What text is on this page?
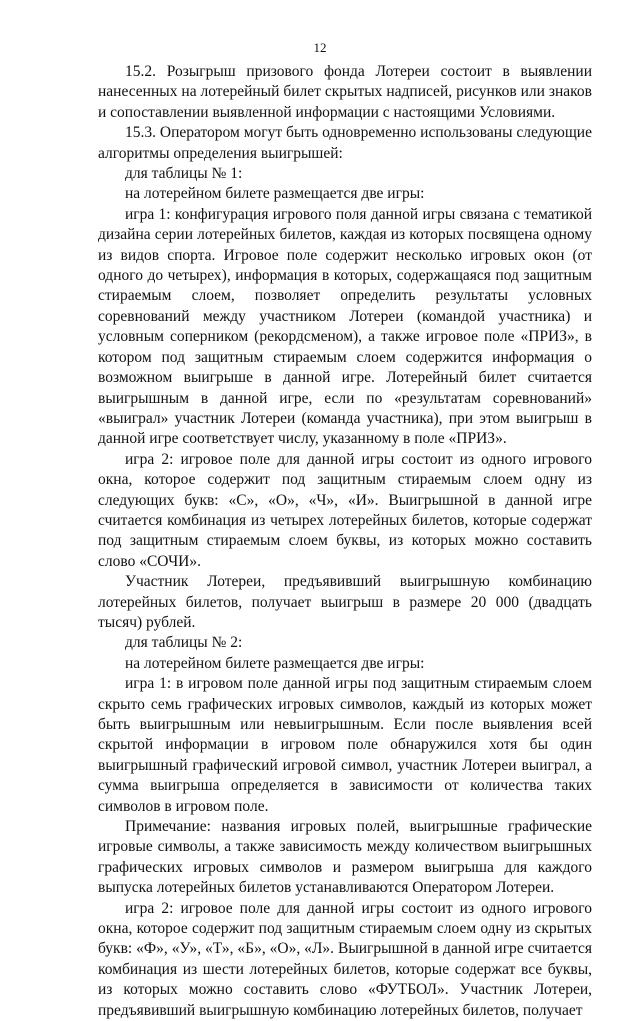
12

15.2. Розыгрыш призового фонда Лотереи состоит в выявлении нанесенных на лотерейный билет скрытых надписей, рисунков или знаков и сопоставлении выявленной информации с настоящими Условиями.

15.3. Оператором могут быть одновременно использованы следующие алгоритмы определения выигрышей:

для таблицы № 1:

на лотерейном билете размещается две игры:

игра 1: конфигурация игрового поля данной игры связана с тематикой дизайна серии лотерейных билетов, каждая из которых посвящена одному из видов спорта. Игровое поле содержит несколько игровых окон (от одного до четырех), информация в которых, содержащаяся под защитным стираемым слоем, позволяет определить результаты условных соревнований между участником Лотереи (командой участника) и условным соперником (рекордсменом), а также игровое поле «ПРИЗ», в котором под защитным стираемым слоем содержится информация о возможном выигрыше в данной игре. Лотерейный билет считается выигрышным в данной игре, если по «результатам соревнований» «выиграл» участник Лотереи (команда участника), при этом выигрыш в данной игре соответствует числу, указанному в поле «ПРИЗ».

игра 2: игровое поле для данной игры состоит из одного игрового окна, которое содержит под защитным стираемым слоем одну из следующих букв: «С», «О», «Ч», «И». Выигрышной в данной игре считается комбинация из четырех лотерейных билетов, которые содержат под защитным стираемым слоем буквы, из которых можно составить слово «СОЧИ».

Участник Лотереи, предъявивший выигрышную комбинацию лотерейных билетов, получает выигрыш в размере 20 000 (двадцать тысяч) рублей.

для таблицы № 2:

на лотерейном билете размещается две игры:

игра 1: в игровом поле данной игры под защитным стираемым слоем скрыто семь графических игровых символов, каждый из которых может быть выигрышным или невыигрышным. Если после выявления всей скрытой информации в игровом поле обнаружился хотя бы один выигрышный графический игровой символ, участник Лотереи выиграл, а сумма выигрыша определяется в зависимости от количества таких символов в игровом поле.

Примечание: названия игровых полей, выигрышные графические игровые символы, а также зависимость между количеством выигрышных графических игровых символов и размером выигрыша для каждого выпуска лотерейных билетов устанавливаются Оператором Лотереи.

игра 2: игровое поле для данной игры состоит из одного игрового окна, которое содержит под защитным стираемым слоем одну из скрытых букв: «Ф», «У», «Т», «Б», «О», «Л». Выигрышной в данной игре считается комбинация из шести лотерейных билетов, которые содержат все буквы, из которых можно составить слово «ФУТБОЛ». Участник Лотереи, предъявивший выигрышную комбинацию лотерейных билетов, получает
